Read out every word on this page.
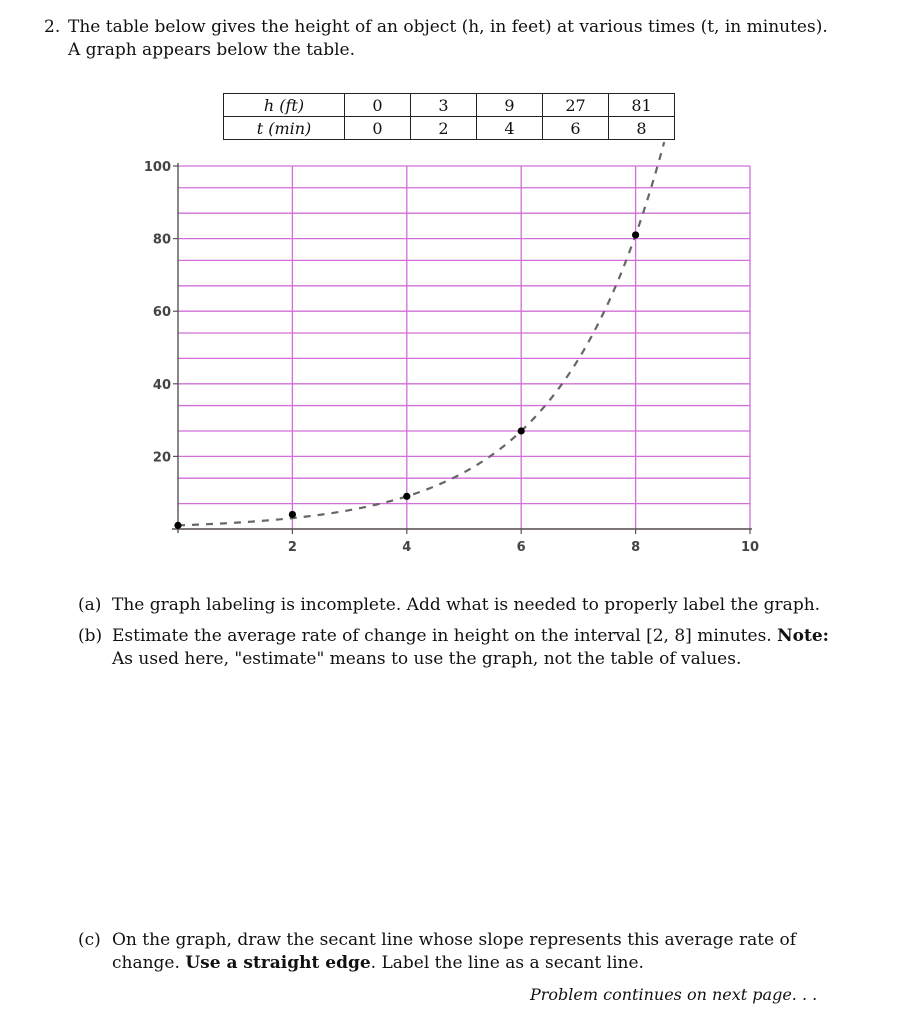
2. The table below gives the height of an object (h, in feet) at various times (t, in minutes). A graph appears below the table.
h (ft)	0	3	9	27	81
t (min)	0	2	4	6	8
20
40
60
80
100
2	4	6	8	10
(a) The graph labeling is incomplete. Add what is needed to properly label the graph.
(b) Estimate the average rate of change in height on the interval [2, 8] minutes. Note: As used here, "estimate" means to use the graph, not the table of values.
(c) On the graph, draw the secant line whose slope represents this average rate of change. Use a straight edge. Label the line as a secant line.
Problem continues on next page. . .
